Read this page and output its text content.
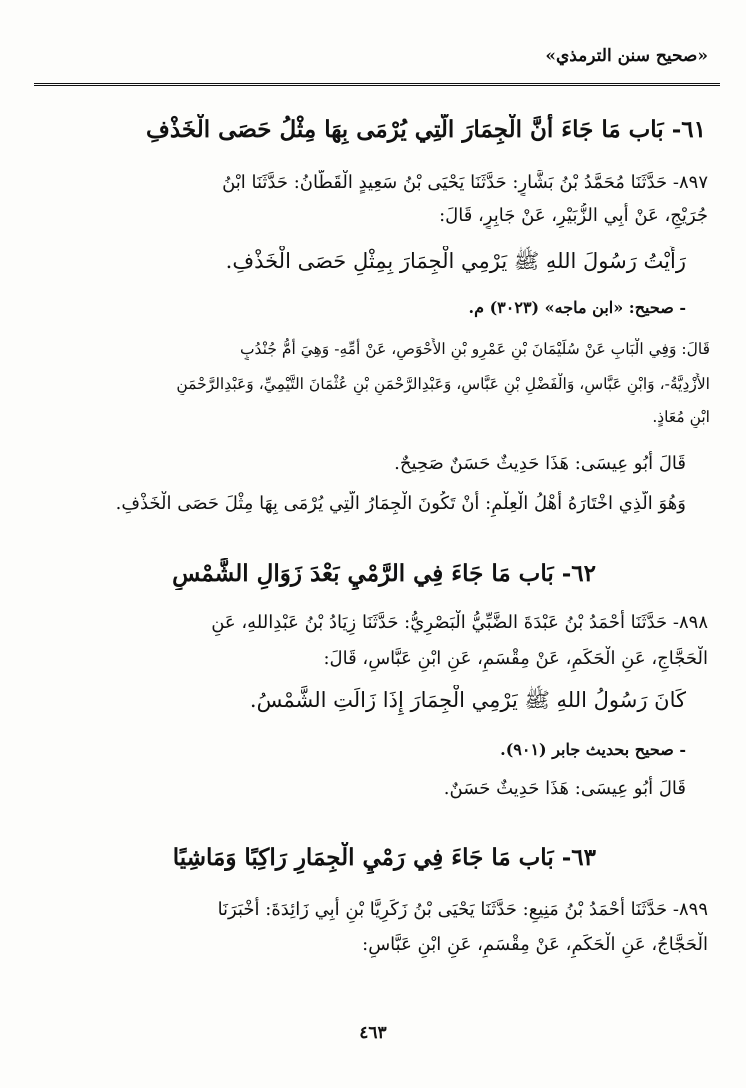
«صحيح سنن الترمذي»
٦١- بَاب مَا جَاءَ أَنَّ الْجِمَارَ الَّتِي يُرْمَى بِهَا مِثْلُ حَصَى الْخَذْفِ
٨٩٧- حَدَّثَنَا مُحَمَّدُ بْنُ بَشَّارٍ: حَدَّثَنَا يَحْيَى بْنُ سَعِيدٍ الْقَطَّانُ: حَدَّثَنَا ابْنُ
جُرَيْجٍ، عَنْ أَبِي الزُّبَيْرِ، عَنْ جَابِرٍ، قَالَ:
رَأَيْتُ رَسُولَ اللهِ ﷺ يَرْمِي الْجِمَارَ بِمِثْلِ حَصَى الْخَذْفِ.
- صحيح: «ابن ماجه» (٣٠٢٣) م.
قَالَ: وَفِي الْبَابِ عَنْ سُلَيْمَانَ بْنِ عَمْرِو بْنِ الأَحْوَصِ، عَنْ أُمِّهِ- وَهِيَ أُمُّ جُنْدُبٍ
الأَزْدِيَّةُ-، وَابْنِ عَبَّاسٍ، وَالْفَضْلِ بْنِ عَبَّاسٍ، وَعَبْدِالرَّحْمَنِ بْنِ عُثْمَانَ التَّيْمِيِّ، وَعَبْدِالرَّحْمَنِ
ابْنِ مُعَاذٍ.
قَالَ أَبُو عِيسَى: هَذَا حَدِيثٌ حَسَنٌ صَحِيحٌ.
وَهُوَ الَّذِي اخْتَارَهُ أَهْلُ الْعِلْمِ: أَنْ تَكُونَ الْجِمَارُ الَّتِي يُرْمَى بِهَا مِثْلَ حَصَى الْخَذْفِ.
٦٢- بَاب مَا جَاءَ فِي الرَّمْيِ بَعْدَ زَوَالِ الشَّمْسِ
٨٩٨- حَدَّثَنَا أَحْمَدُ بْنُ عَبْدَةَ الضَّبِّيُّ الْبَصْرِيُّ: حَدَّثَنَا زِيَادُ بْنُ عَبْدِاللهِ، عَنِ
الْحَجَّاجِ، عَنِ الْحَكَمِ، عَنْ مِقْسَمٍ، عَنِ ابْنِ عَبَّاسٍ، قَالَ:
كَانَ رَسُولُ اللهِ ﷺ يَرْمِي الْجِمَارَ إِذَا زَالَتِ الشَّمْسُ.
- صحيح بحديث جابر (٩٠١).
قَالَ أَبُو عِيسَى: هَذَا حَدِيثٌ حَسَنٌ.
٦٣- بَاب مَا جَاءَ فِي رَمْيِ الْجِمَارِ رَاكِبًا وَمَاشِيًا
٨٩٩- حَدَّثَنَا أَحْمَدُ بْنُ مَنِيعٍ: حَدَّثَنَا يَحْيَى بْنُ زَكَرِيَّا بْنِ أَبِي زَائِدَةَ: أَخْبَرَنَا
الْحَجَّاجُ، عَنِ الْحَكَمِ، عَنْ مِقْسَمٍ، عَنِ ابْنِ عَبَّاسٍ:
٤٦٣
